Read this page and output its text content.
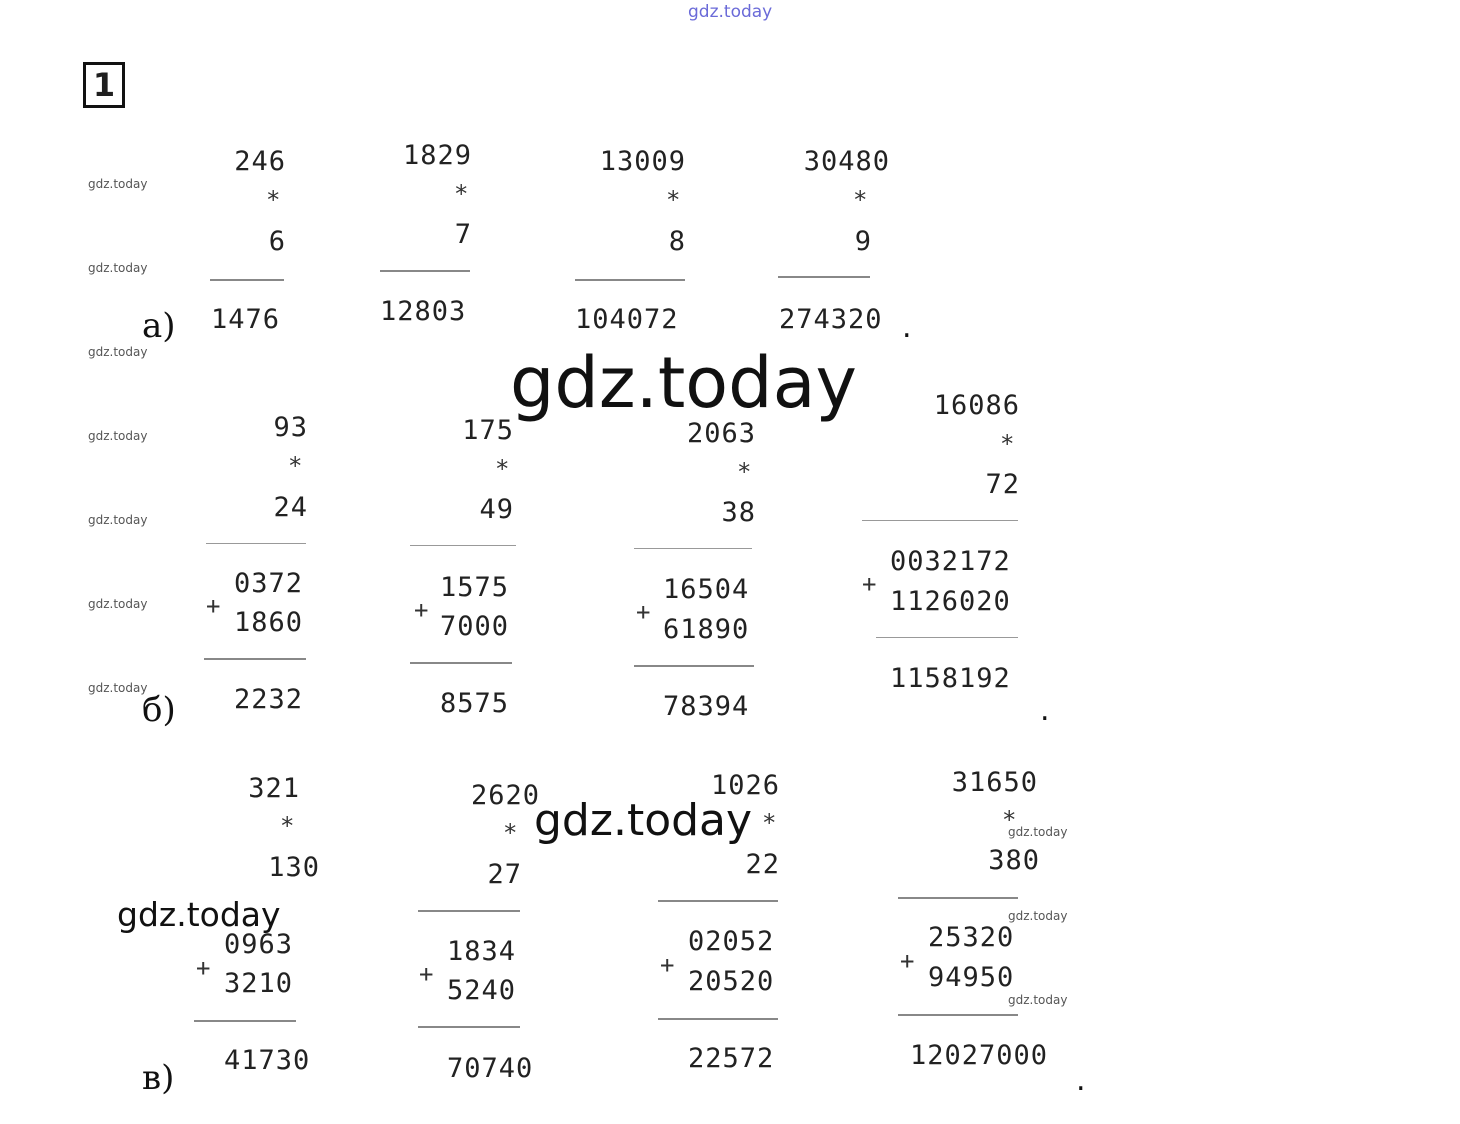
gdz.today
1
gdz.today
gdz.today
gdz.today
gdz.today
gdz.today
gdz.today
gdz.today
gdz.today
gdz.today
gdz.today
gdz.today
gdz.today
gdz.today
а)
246
*
6
1476
1829
*
7
12803
13009
*
8
104072
30480
*
9
274320 .
б)
93
*
24
+
0372
1860
2232
175
*
49
+
1575
7000
8575
2063
*
38
+
16504
61890
78394
16086
*
72
+
0032172
1126020
1158192
.
в)
321
*
130
+
0963
3210
41730
2620
*
27
+
1834
5240
70740
1026
*
22
+
02052
20520
22572
31650
*
380
+
25320
94950
12027000
.
